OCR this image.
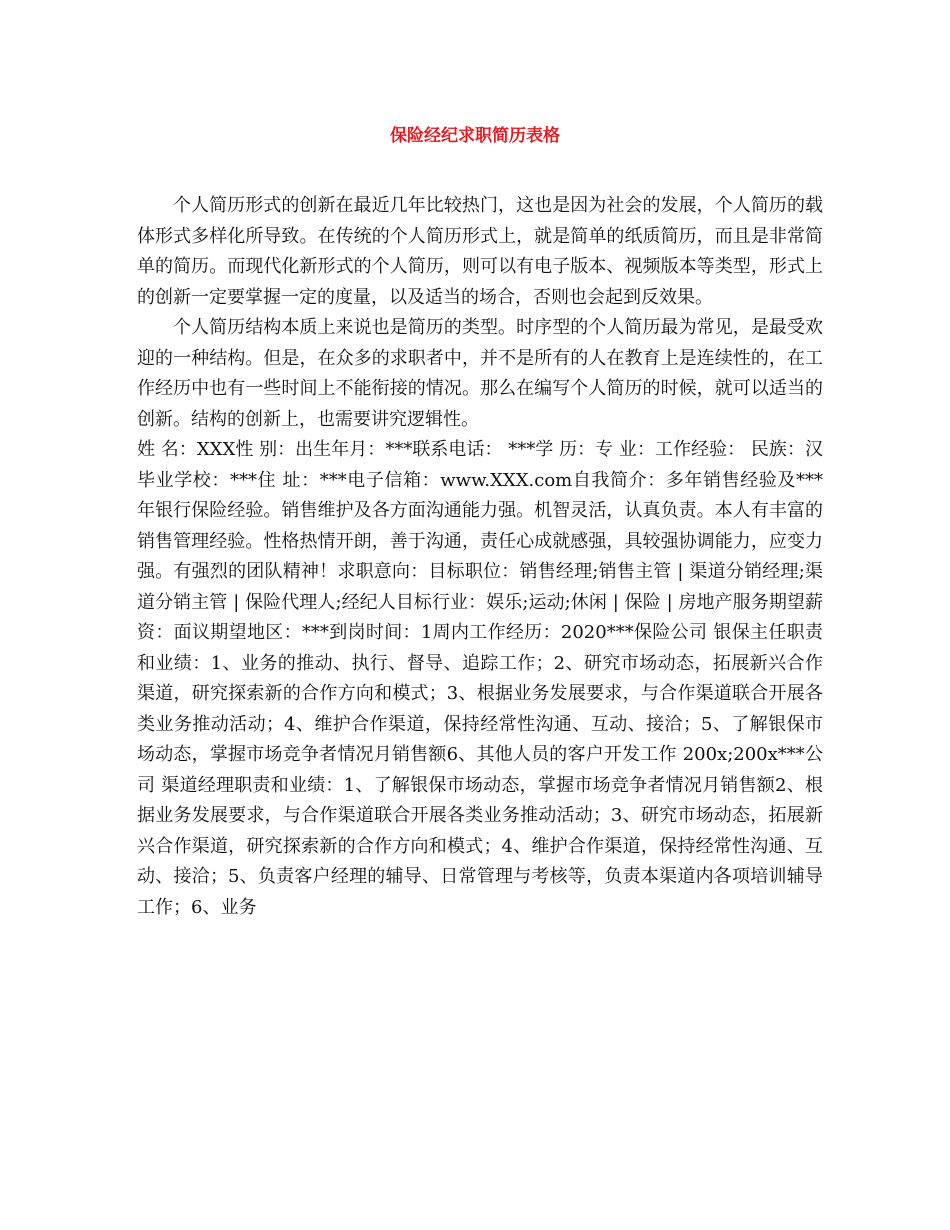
保险经纪求职简历表格

个人简历形式的创新在最近几年比较热门，这也是因为社会的发展，个人简历的载体形式多样化所导致。在传统的个人简历形式上，就是简单的纸质简历，而且是非常简单的简历。而现代化新形式的个人简历，则可以有电子版本、视频版本等类型，形式上的创新一定要掌握一定的度量，以及适当的场合，否则也会起到反效果。

个人简历结构本质上来说也是简历的类型。时序型的个人简历最为常见，是最受欢迎的一种结构。但是，在众多的求职者中，并不是所有的人在教育上是连续性的，在工作经历中也有一些时间上不能衔接的情况。那么在编写个人简历的时候，就可以适当的创新。结构的创新上，也需要讲究逻辑性。

姓 名：XXX性 别：出生年月：***联系电话： ***学 历：专 业：工作经验： 民族：汉毕业学校：***住 址：***电子信箱：www.XXX.com自我简介：多年销售经验及***年银行保险经验。销售维护及各方面沟通能力强。机智灵活，认真负责。本人有丰富的销售管理经验。性格热情开朗，善于沟通，责任心成就感强，具较强协调能力，应变力强。有强烈的团队精神！求职意向：目标职位：销售经理;销售主管 | 渠道分销经理;渠道分销主管 | 保险代理人;经纪人目标行业：娱乐;运动;休闲 | 保险 | 房地产服务期望薪资：面议期望地区：***到岗时间：1周内工作经历：2020***保险公司 银保主任职责和业绩：1、业务的推动、执行、督导、追踪工作；2、研究市场动态，拓展新兴合作渠道，研究探索新的合作方向和模式；3、根据业务发展要求，与合作渠道联合开展各类业务推动活动；4、维护合作渠道，保持经常性沟通、互动、接洽；5、了解银保市场动态，掌握市场竞争者情况月销售额6、其他人员的客户开发工作 200x;200x***公司 渠道经理职责和业绩：1、了解银保市场动态，掌握市场竞争者情况月销售额2、根据业务发展要求，与合作渠道联合开展各类业务推动活动；3、研究市场动态，拓展新兴合作渠道，研究探索新的合作方向和模式；4、维护合作渠道，保持经常性沟通、互动、接洽；5、负责客户经理的辅导、日常管理与考核等，负责本渠道内各项培训辅导工作；6、业务
